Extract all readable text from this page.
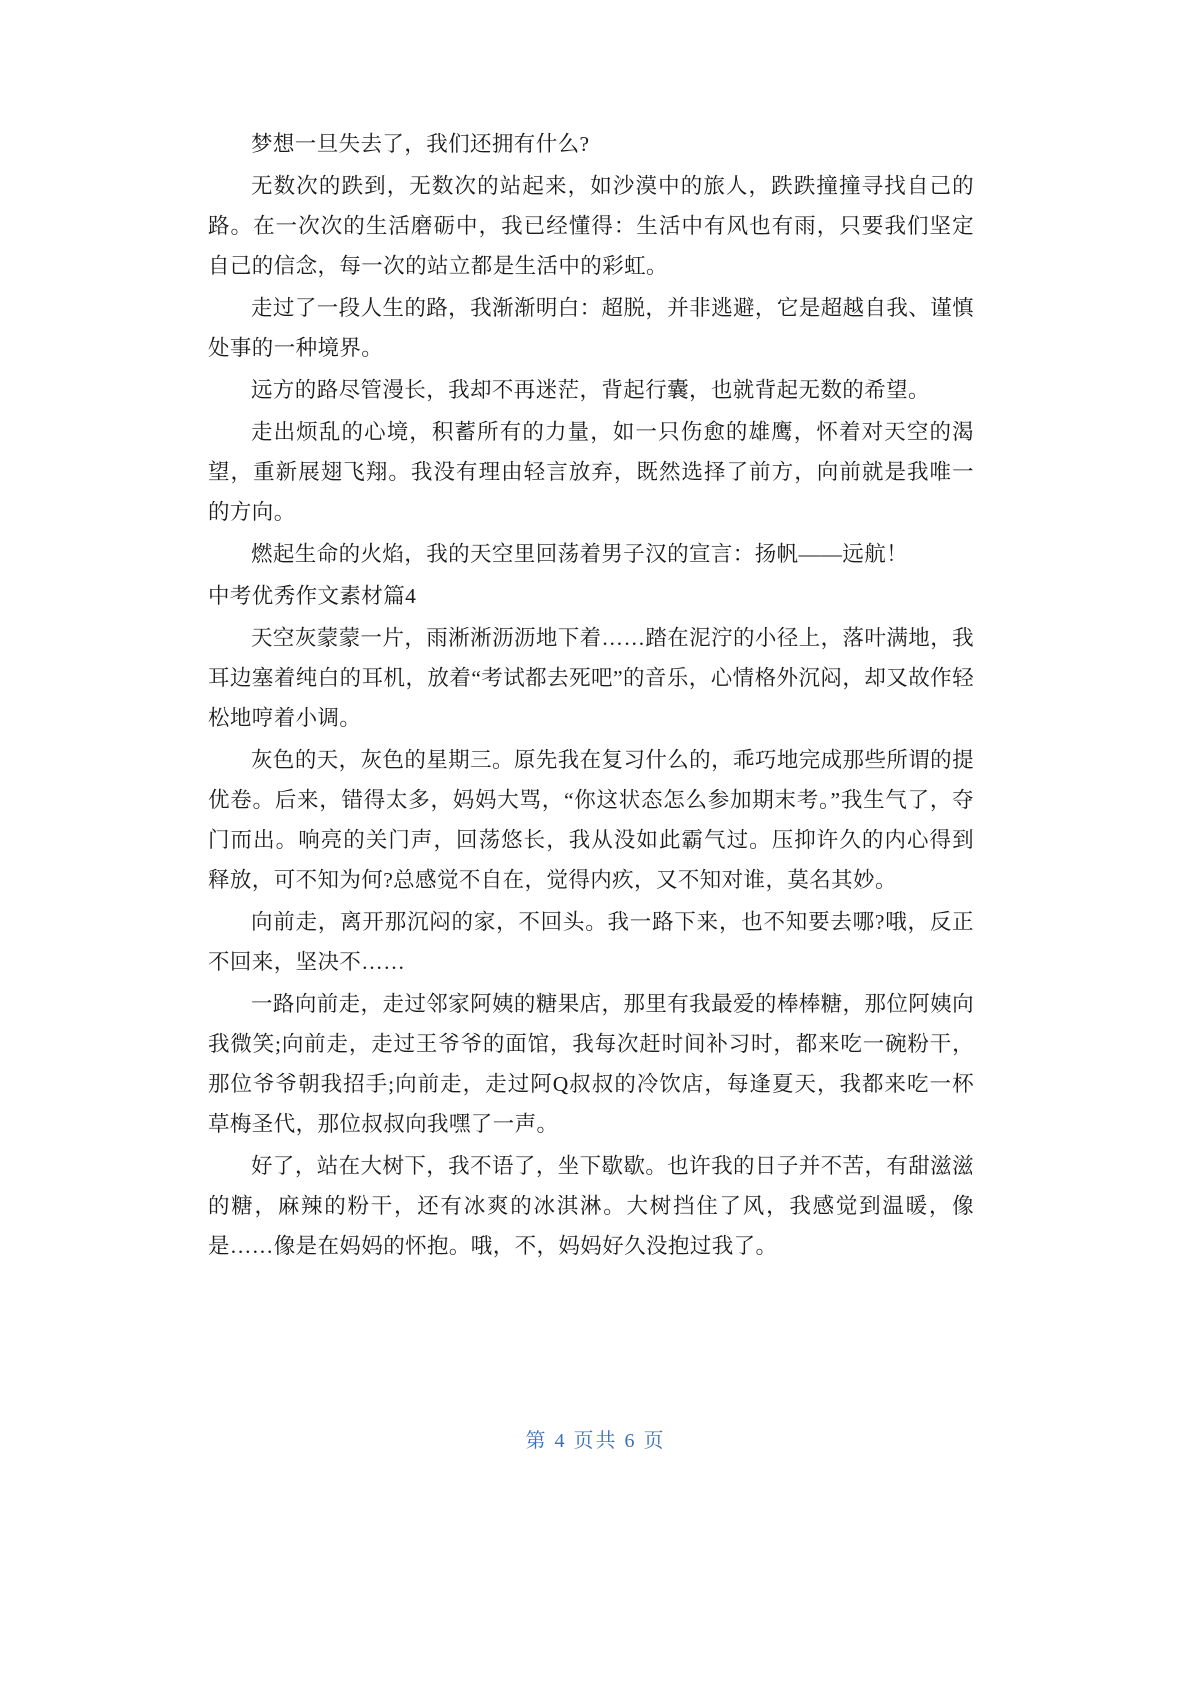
梦想一旦失去了，我们还拥有什么?

无数次的跌到，无数次的站起来，如沙漠中的旅人，跌跌撞撞寻找自己的路。在一次次的生活磨砺中，我已经懂得：生活中有风也有雨，只要我们坚定自己的信念，每一次的站立都是生活中的彩虹。

走过了一段人生的路，我渐渐明白：超脱，并非逃避，它是超越自我、谨慎处事的一种境界。

远方的路尽管漫长，我却不再迷茫，背起行囊，也就背起无数的希望。

走出烦乱的心境，积蓄所有的力量，如一只伤愈的雄鹰，怀着对天空的渴望，重新展翅飞翔。我没有理由轻言放弃，既然选择了前方，向前就是我唯一的方向。

燃起生命的火焰，我的天空里回荡着男子汉的宣言：扬帆——远航！

中考优秀作文素材篇4

天空灰蒙蒙一片，雨淅淅沥沥地下着……踏在泥泞的小径上，落叶满地，我耳边塞着纯白的耳机，放着“考试都去死吧”的音乐，心情格外沉闷，却又故作轻松地哼着小调。

灰色的天，灰色的星期三。原先我在复习什么的，乖巧地完成那些所谓的提优卷。后来，错得太多，妈妈大骂，“你这状态怎么参加期末考。”我生气了，夺门而出。响亮的关门声，回荡悠长，我从没如此霸气过。压抑许久的内心得到释放，可不知为何?总感觉不自在，觉得内疚，又不知对谁，莫名其妙。

向前走，离开那沉闷的家，不回头。我一路下来，也不知要去哪?哦，反正不回来，坚决不……

一路向前走，走过邻家阿姨的糖果店，那里有我最爱的棒棒糖，那位阿姨向我微笑;向前走，走过王爷爷的面馆，我每次赶时间补习时，都来吃一碗粉干，那位爷爷朝我招手;向前走，走过阿Q叔叔的冷饮店，每逢夏天，我都来吃一杯草梅圣代，那位叔叔向我嘿了一声。

好了，站在大树下，我不语了，坐下歇歇。也许我的日子并不苦，有甜滋滋的糖，麻辣的粉干，还有冰爽的冰淇淋。大树挡住了风，我感觉到温暖，像是……像是在妈妈的怀抱。哦，不，妈妈好久没抱过我了。

第 4 页共 6 页
